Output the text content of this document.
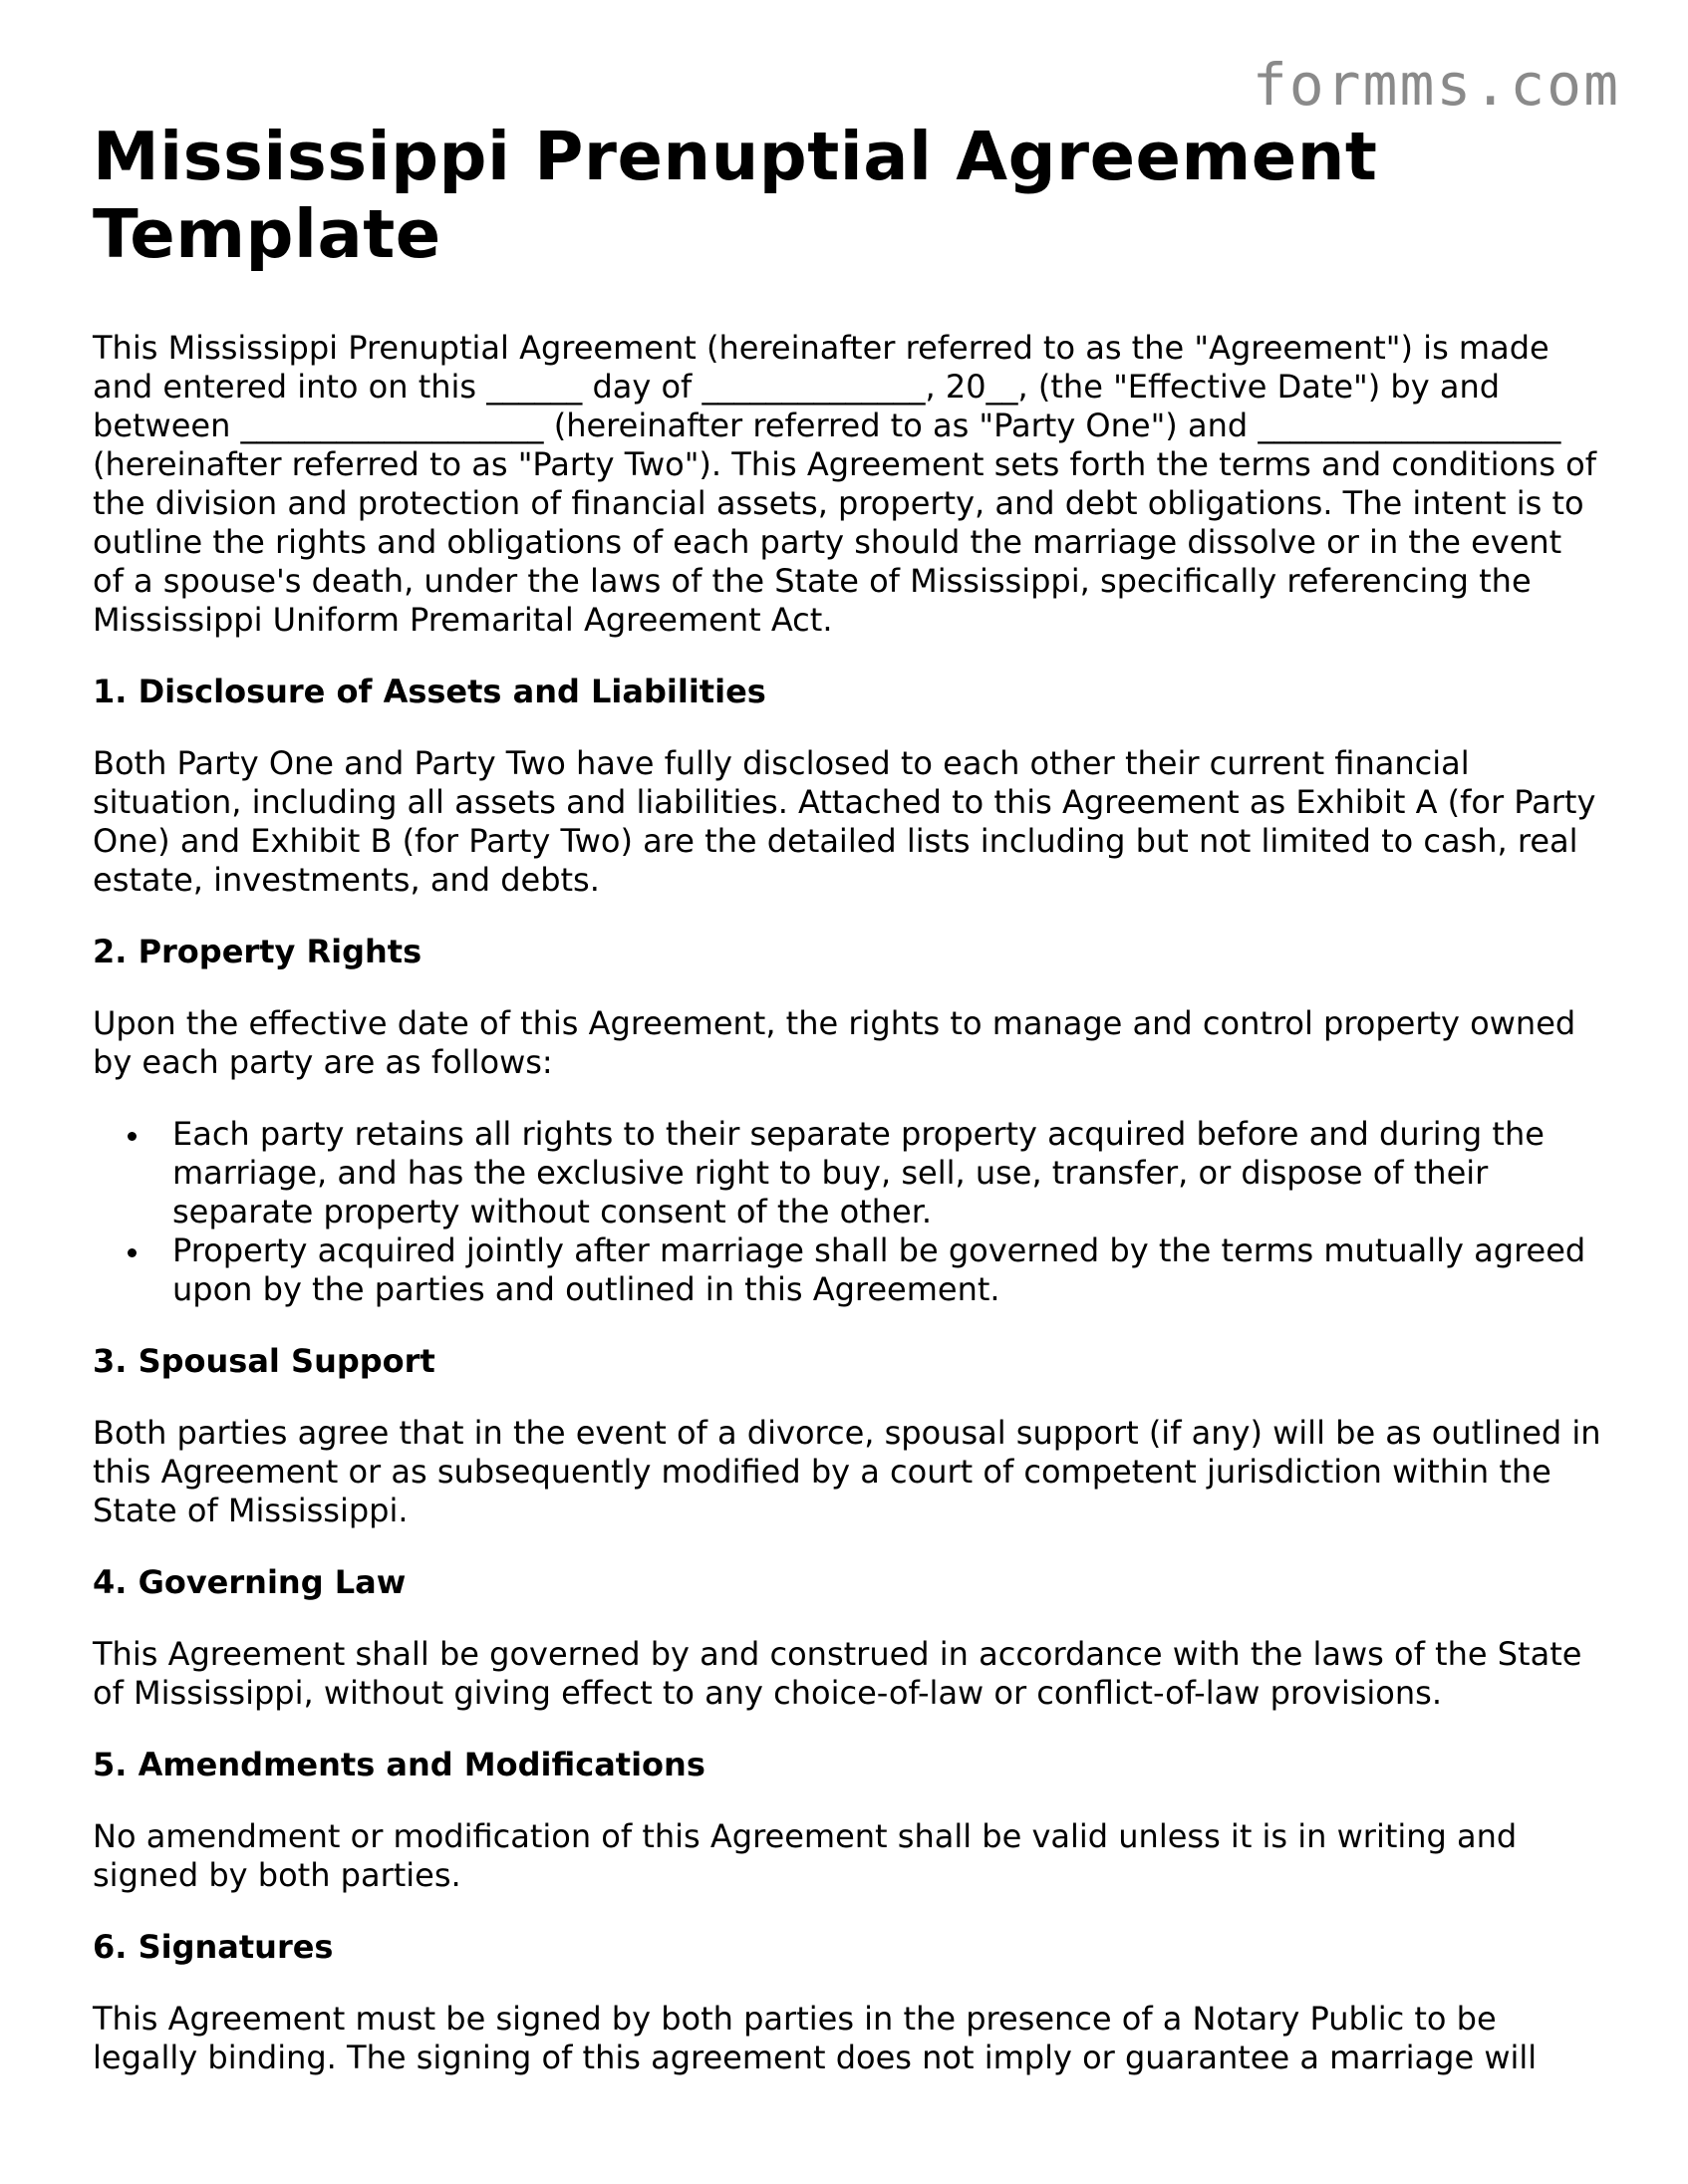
formms.com
Mississippi Prenuptial Agreement
Template

This Mississippi Prenuptial Agreement (hereinafter referred to as the "Agreement") is made and entered into on this ______ day of ______________, 20__, (the "Effective Date") by and between ___________________ (hereinafter referred to as "Party One") and ___________________ (hereinafter referred to as "Party Two"). This Agreement sets forth the terms and conditions of the division and protection of financial assets, property, and debt obligations. The intent is to outline the rights and obligations of each party should the marriage dissolve or in the event of a spouse's death, under the laws of the State of Mississippi, specifically referencing the Mississippi Uniform Premarital Agreement Act.

1. Disclosure of Assets and Liabilities

Both Party One and Party Two have fully disclosed to each other their current financial situation, including all assets and liabilities. Attached to this Agreement as Exhibit A (for Party One) and Exhibit B (for Party Two) are the detailed lists including but not limited to cash, real estate, investments, and debts.

2. Property Rights

Upon the effective date of this Agreement, the rights to manage and control property owned by each party are as follows:

Each party retains all rights to their separate property acquired before and during the marriage, and has the exclusive right to buy, sell, use, transfer, or dispose of their separate property without consent of the other.
Property acquired jointly after marriage shall be governed by the terms mutually agreed upon by the parties and outlined in this Agreement.
3. Spousal Support

Both parties agree that in the event of a divorce, spousal support (if any) will be as outlined in this Agreement or as subsequently modified by a court of competent jurisdiction within the State of Mississippi.

4. Governing Law

This Agreement shall be governed by and construed in accordance with the laws of the State of Mississippi, without giving effect to any choice-of-law or conflict-of-law provisions.

5. Amendments and Modifications

No amendment or modification of this Agreement shall be valid unless it is in writing and signed by both parties.

6. Signatures

This Agreement must be signed by both parties in the presence of a Notary Public to be legally binding. The signing of this agreement does not imply or guarantee a marriage will
